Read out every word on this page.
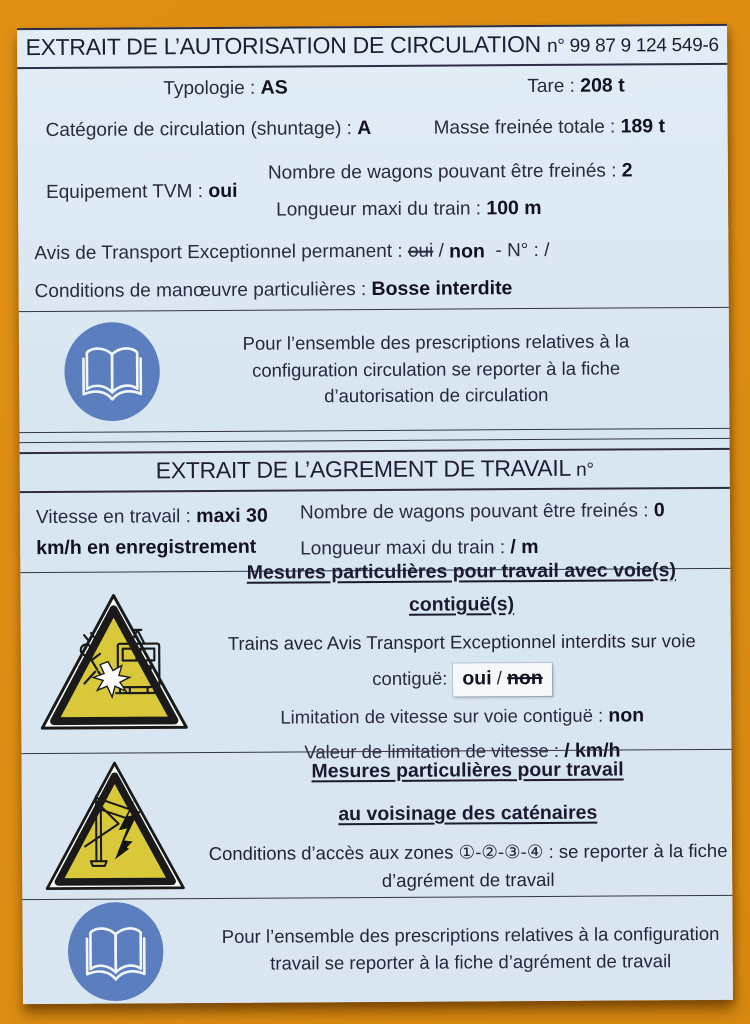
EXTRAIT DE L’AUTORISATION DE CIRCULATION n° 99 87 9 124 549-6
Typologie : AS	Tare : 208 t
Catégorie de circulation (shuntage) : A	Masse freinée totale : 189 t
Equipement TVM : oui
Nombre de wagons pouvant être freinés : 2
Longueur maxi du train : 100 m
Avis de Transport Exceptionnel permanent :
oui
/
non
- N° : /
Conditions de manœuvre particulières :
Bosse interdite
Pour l’ensemble des prescriptions relatives à la configuration circulation se reporter à la fiche d’autorisation de circulation
EXTRAIT DE L’AGREMENT DE TRAVAIL n°
Vitesse en travail : maxi 30
km/h en enregistrement
Nombre de wagons pouvant être freinés : 0
Longueur maxi du train : / m
Mesures particulières pour travail avec voie(s) contiguë(s)
Trains avec Avis Transport Exceptionnel interdits sur voie
contiguë: oui / non
Limitation de vitesse sur voie contiguë : non
Valeur de limitation de vitesse : / km/h
Mesures particulières pour travail
au voisinage des caténaires
Conditions d’accès aux zones ①-②-③-④ : se reporter à la fiche d’agrément de travail
Pour l’ensemble des prescriptions relatives à la configuration travail se reporter à la fiche d’agrément de travail
